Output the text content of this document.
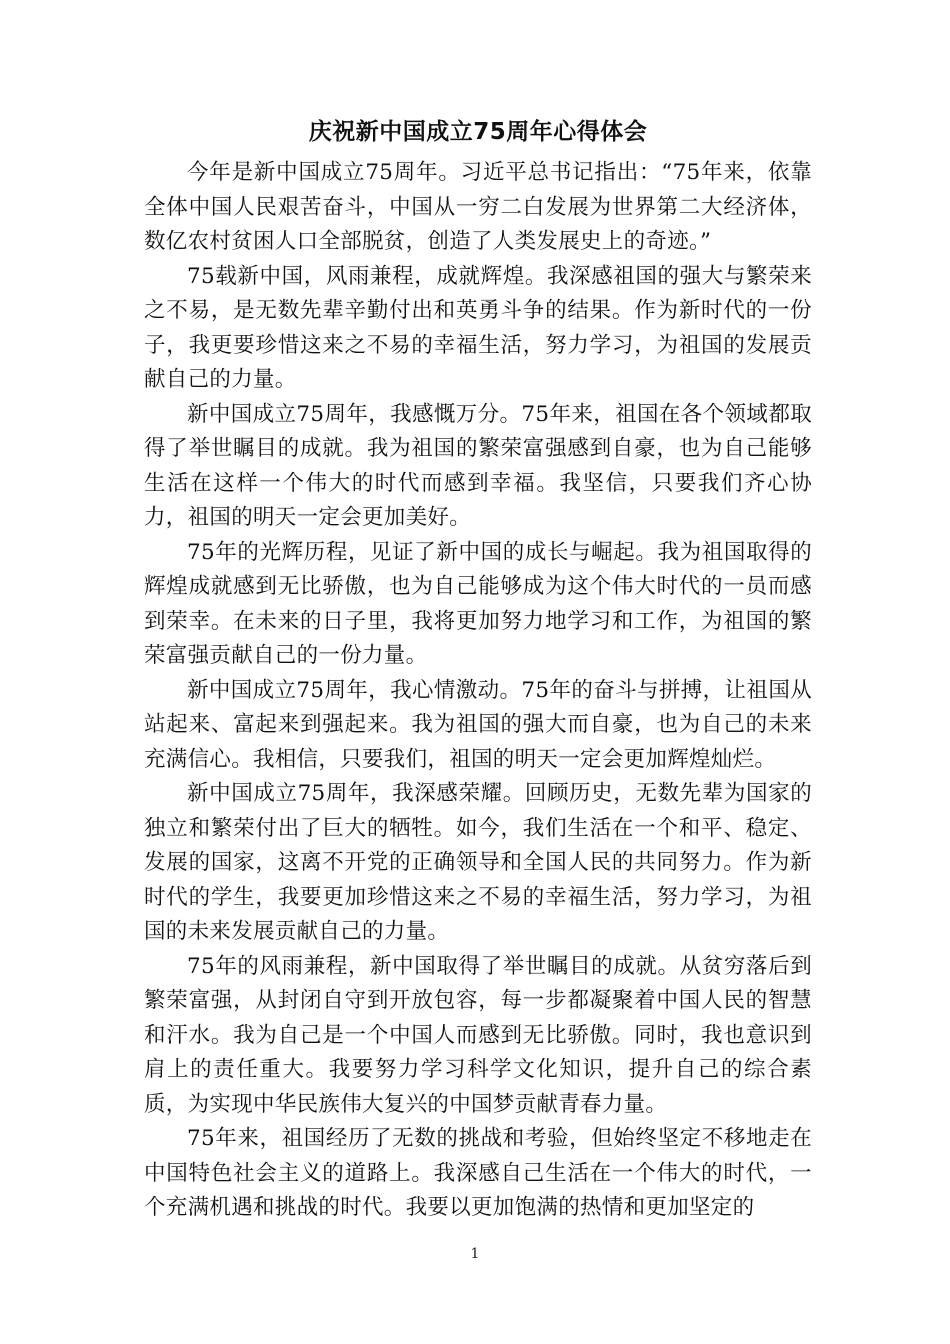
庆祝新中国成立75周年心得体会

今年是新中国成立75周年。习近平总书记指出：“75年来，依靠全体中国人民艰苦奋斗，中国从一穷二白发展为世界第二大经济体，数亿农村贫困人口全部脱贫，创造了人类发展史上的奇迹。”

75载新中国，风雨兼程，成就辉煌。我深感祖国的强大与繁荣来之不易，是无数先辈辛勤付出和英勇斗争的结果。作为新时代的一份子，我更要珍惜这来之不易的幸福生活，努力学习，为祖国的发展贡献自己的力量。

新中国成立75周年，我感慨万分。75年来，祖国在各个领域都取得了举世瞩目的成就。我为祖国的繁荣富强感到自豪，也为自己能够生活在这样一个伟大的时代而感到幸福。我坚信，只要我们齐心协力，祖国的明天一定会更加美好。

75年的光辉历程，见证了新中国的成长与崛起。我为祖国取得的辉煌成就感到无比骄傲，也为自己能够成为这个伟大时代的一员而感到荣幸。在未来的日子里，我将更加努力地学习和工作，为祖国的繁荣富强贡献自己的一份力量。

新中国成立75周年，我心情激动。75年的奋斗与拼搏，让祖国从站起来、富起来到强起来。我为祖国的强大而自豪，也为自己的未来充满信心。我相信，只要我们，祖国的明天一定会更加辉煌灿烂。

新中国成立75周年，我深感荣耀。回顾历史，无数先辈为国家的独立和繁荣付出了巨大的牺牲。如今，我们生活在一个和平、稳定、发展的国家，这离不开党的正确领导和全国人民的共同努力。作为新时代的学生，我要更加珍惜这来之不易的幸福生活，努力学习，为祖国的未来发展贡献自己的力量。

75年的风雨兼程，新中国取得了举世瞩目的成就。从贫穷落后到繁荣富强，从封闭自守到开放包容，每一步都凝聚着中国人民的智慧和汗水。我为自己是一个中国人而感到无比骄傲。同时，我也意识到肩上的责任重大。我要努力学习科学文化知识，提升自己的综合素质，为实现中华民族伟大复兴的中国梦贡献青春力量。

75年来，祖国经历了无数的挑战和考验，但始终坚定不移地走在中国特色社会主义的道路上。我深感自己生活在一个伟大的时代，一个充满机遇和挑战的时代。我要以更加饱满的热情和更加坚定的

1
